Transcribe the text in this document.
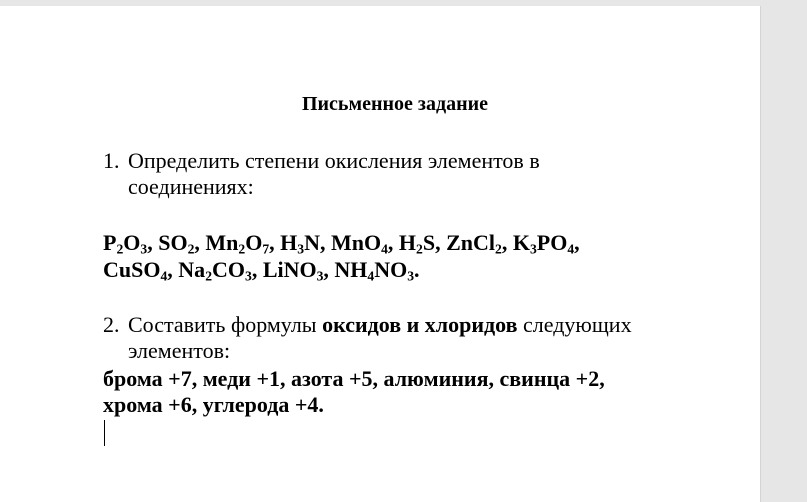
Письменное задание
1. Определить степени окисления элементов в
соединениях:
$P_2O_3$, $SO_2$, $Mn_2O_7$, $H_3N$, MnO$_4$, $H_2S$, ZnCl$_2$, $K_3PO_4$,
CuSO$_4$, $Na_2CO_3$, LiNO$_3$, $NH_4NO_3$.
2. Составить формулы оксидов и хлоридов следующих
элементов:
брома +7, меди +1, азота +5, алюминия, свинца +2,
хрома +6, углерода +4.
